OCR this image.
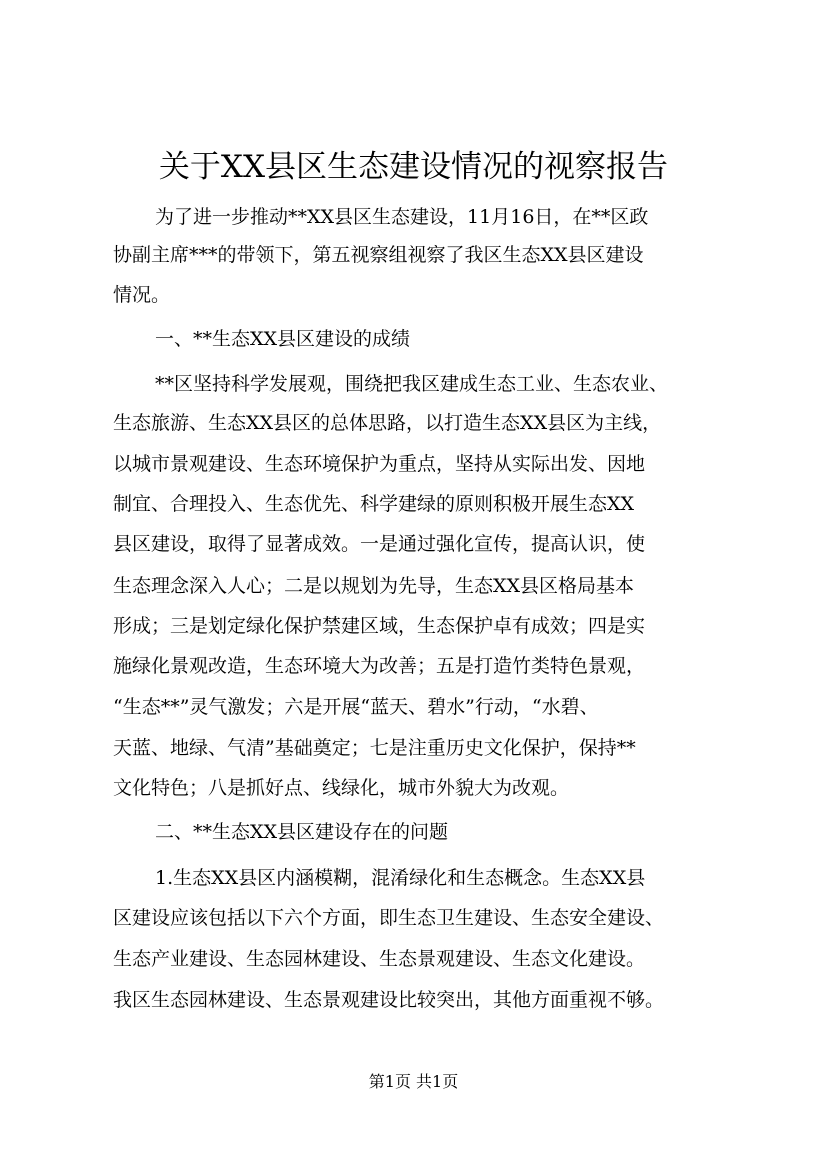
关于XX县区生态建设情况的视察报告
为了进一步推动**XX县区生态建设，11月16日，在**区政
协副主席***的带领下，第五视察组视察了我区生态XX县区建设
情况。
一、**生态XX县区建设的成绩
**区坚持科学发展观，围绕把我区建成生态工业、生态农业、
生态旅游、生态XX县区的总体思路，以打造生态XX县区为主线，
以城市景观建设、生态环境保护为重点，坚持从实际出发、因地
制宜、合理投入、生态优先、科学建绿的原则积极开展生态XX
县区建设，取得了显著成效。一是通过强化宣传，提高认识，使
生态理念深入人心；二是以规划为先导，生态XX县区格局基本
形成；三是划定绿化保护禁建区域，生态保护卓有成效；四是实
施绿化景观改造，生态环境大为改善；五是打造竹类特色景观，
“生态**”灵气激发；六是开展“蓝天、碧水”行动，“水碧、
天蓝、地绿、气清”基础奠定；七是注重历史文化保护，保持**
文化特色；八是抓好点、线绿化，城市外貌大为改观。
二、**生态XX县区建设存在的问题
1.生态XX县区内涵模糊，混淆绿化和生态概念。生态XX县
区建设应该包括以下六个方面，即生态卫生建设、生态安全建设、
生态产业建设、生态园林建设、生态景观建设、生态文化建设。
我区生态园林建设、生态景观建设比较突出，其他方面重视不够。
第1页 共1页
